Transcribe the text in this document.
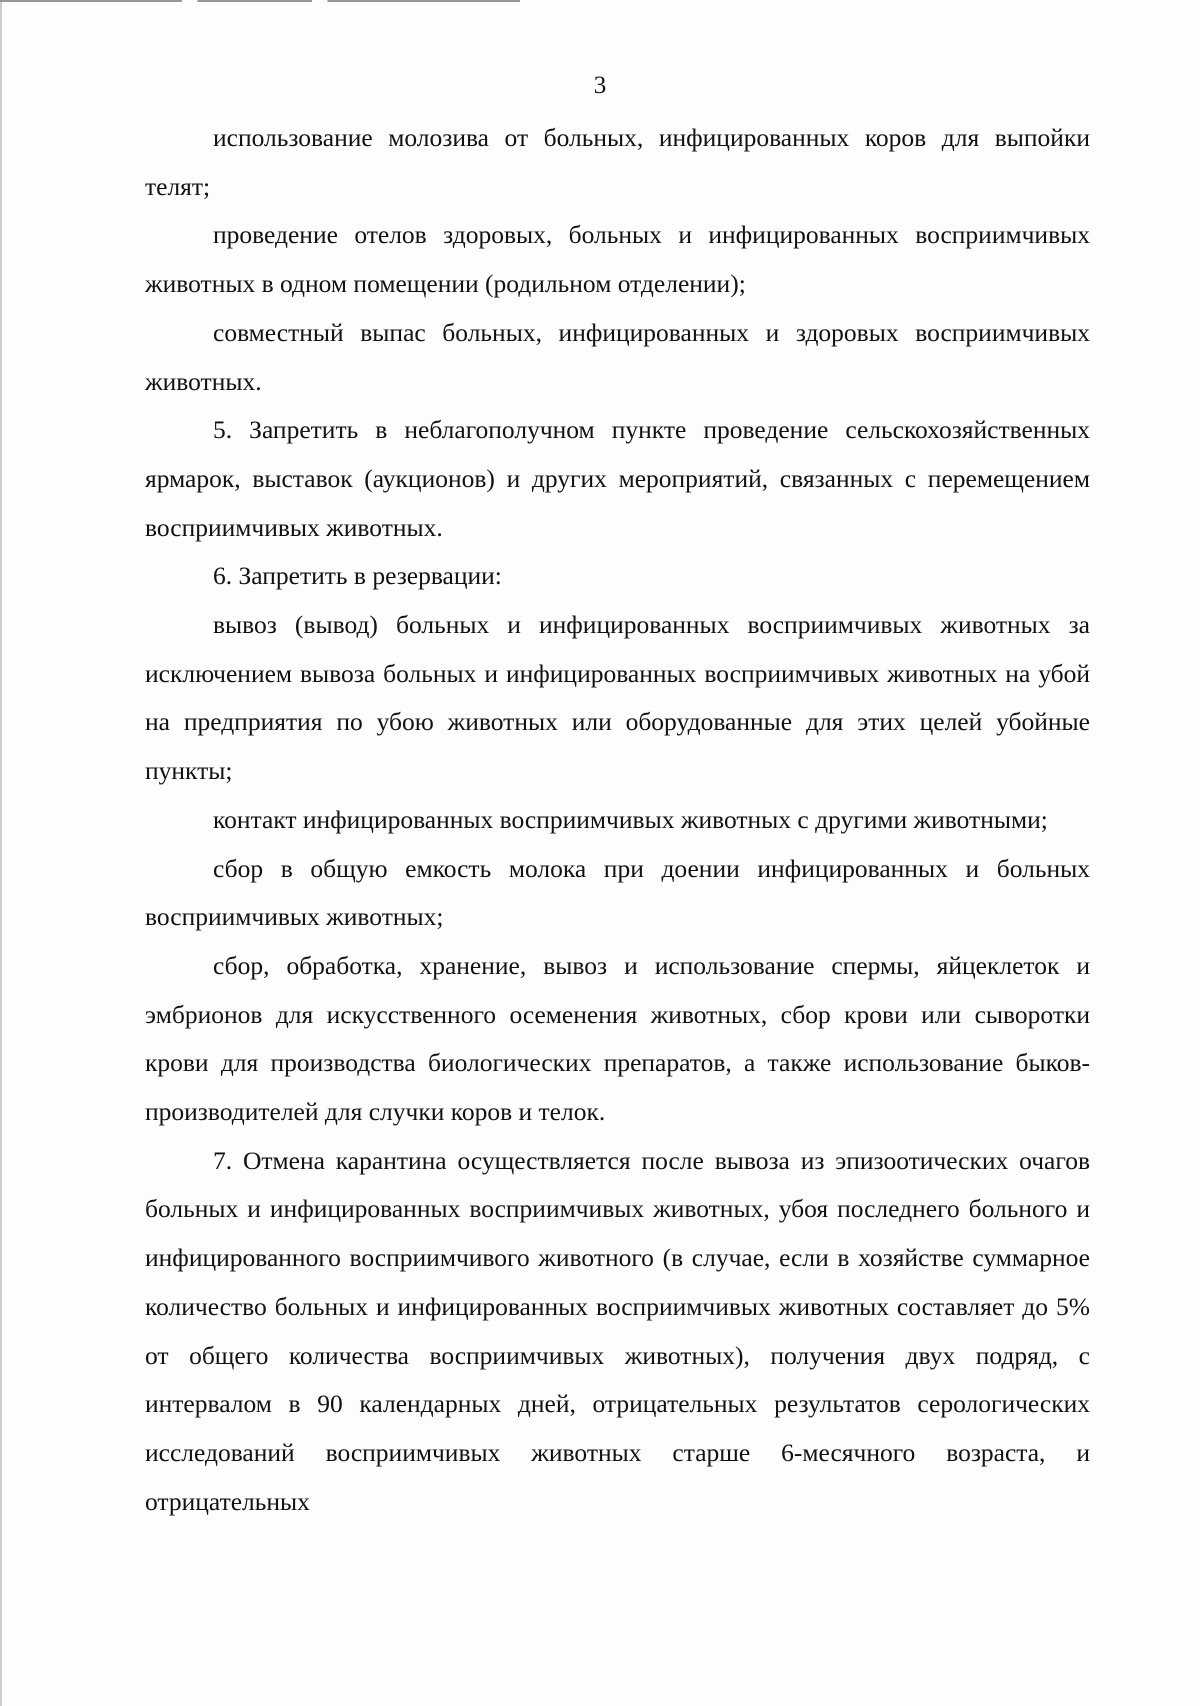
3

использование молозива от больных, инфицированных коров для выпойки телят;

проведение отелов здоровых, больных и инфицированных восприимчивых животных в одном помещении (родильном отделении);

совместный выпас больных, инфицированных и здоровых восприимчивых животных.

5. Запретить в неблагополучном пункте проведение сельскохозяйственных ярмарок, выставок (аукционов) и других мероприятий, связанных с перемещением восприимчивых животных.

6. Запретить в резервации:

вывоз (вывод) больных и инфицированных восприимчивых животных за исключением вывоза больных и инфицированных восприимчивых животных на убой на предприятия по убою животных или оборудованные для этих целей убойные пункты;

контакт инфицированных восприимчивых животных с другими животными;

сбор в общую емкость молока при доении инфицированных и больных восприимчивых животных;

сбор, обработка, хранение, вывоз и использование спермы, яйцеклеток и эмбрионов для искусственного осеменения животных, сбор крови или сыворотки крови для производства биологических препаратов, а также использование быков-производителей для случки коров и телок.

7. Отмена карантина осуществляется после вывоза из эпизоотических очагов больных и инфицированных восприимчивых животных, убоя последнего больного и инфицированного восприимчивого животного (в случае, если в хозяйстве суммарное количество больных и инфицированных восприимчивых животных составляет до 5% от общего количества восприимчивых животных), получения двух подряд, с интервалом в 90 календарных дней, отрицательных результатов серологических исследований восприимчивых животных старше 6-месячного возраста, и отрицательных
